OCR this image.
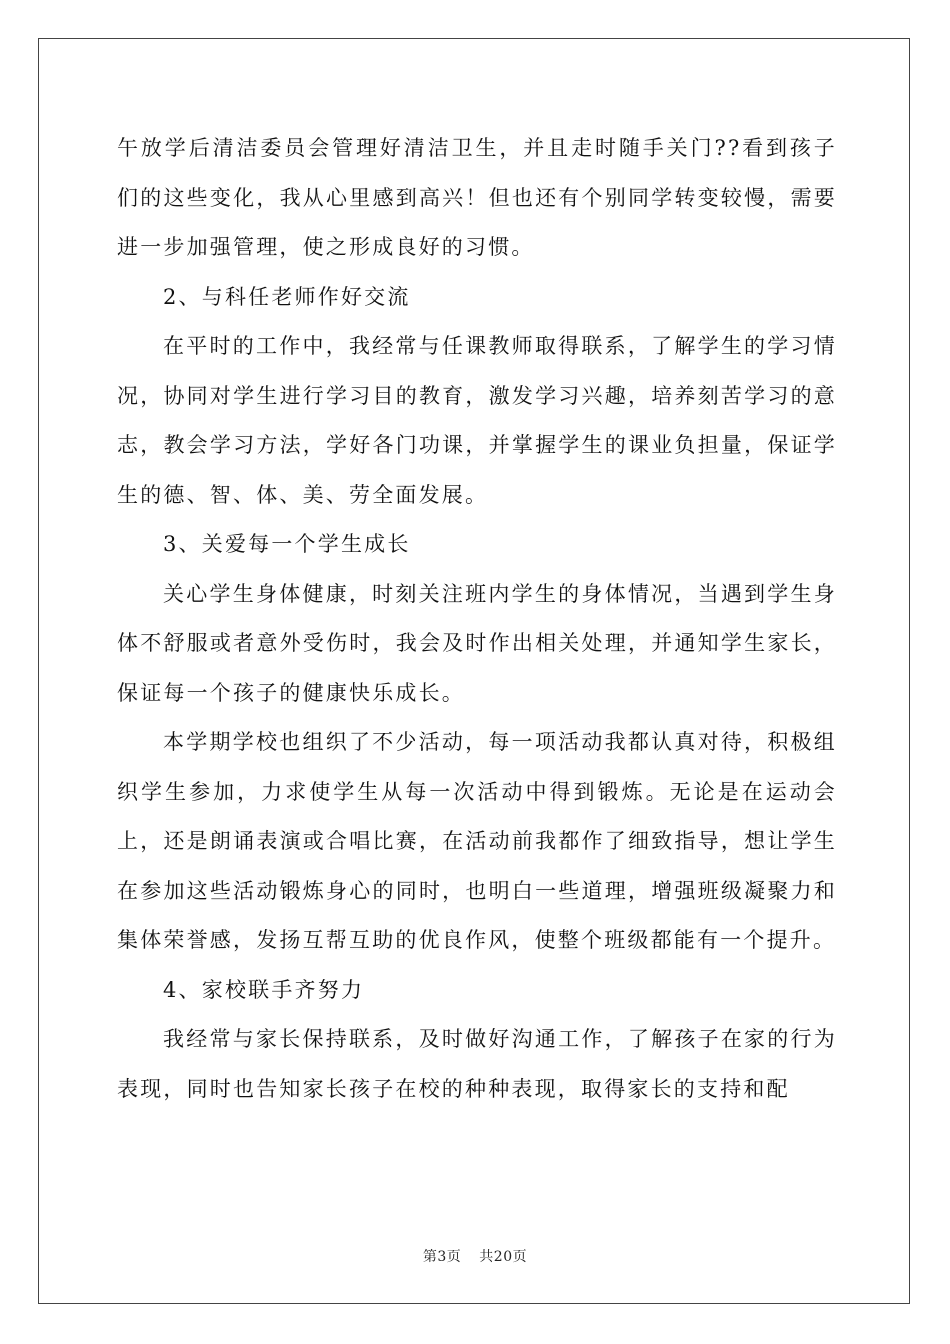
午放学后清洁委员会管理好清洁卫生，并且走时随手关门??看到孩子们的这些变化，我从心里感到高兴！但也还有个别同学转变较慢，需要进一步加强管理，使之形成良好的习惯。

2、与科任老师作好交流

在平时的工作中，我经常与任课教师取得联系，了解学生的学习情况，协同对学生进行学习目的教育，激发学习兴趣，培养刻苦学习的意志，教会学习方法，学好各门功课，并掌握学生的课业负担量，保证学生的德、智、体、美、劳全面发展。

3、关爱每一个学生成长

关心学生身体健康，时刻关注班内学生的身体情况，当遇到学生身体不舒服或者意外受伤时，我会及时作出相关处理，并通知学生家长，保证每一个孩子的健康快乐成长。

本学期学校也组织了不少活动，每一项活动我都认真对待，积极组织学生参加，力求使学生从每一次活动中得到锻炼。无论是在运动会上，还是朗诵表演或合唱比赛，在活动前我都作了细致指导，想让学生在参加这些活动锻炼身心的同时，也明白一些道理，增强班级凝聚力和集体荣誉感，发扬互帮互助的优良作风，使整个班级都能有一个提升。

4、家校联手齐努力

我经常与家长保持联系，及时做好沟通工作，了解孩子在家的行为表现，同时也告知家长孩子在校的种种表现，取得家长的支持和配

第3页 共20页
